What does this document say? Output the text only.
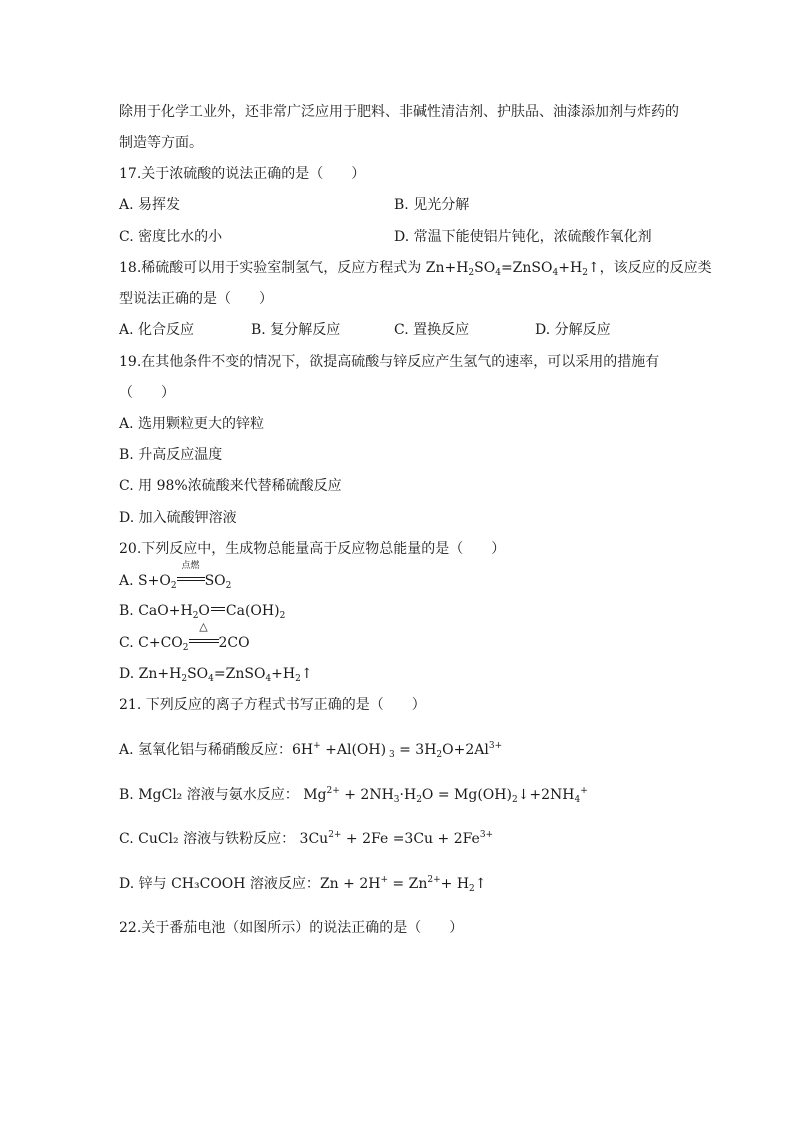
除用于化学工业外，还非常广泛应用于肥料、非碱性清洁剂、护肤品、油漆添加剂与炸药的
制造等方面。
17.关于浓硫酸的说法正确的是（　　）
A. 易挥发	B. 见光分解
C. 密度比水的小	D. 常温下能使铝片钝化，浓硫酸作氧化剂
18.稀硫酸可以用于实验室制氢气，反应方程式为 $Zn+H_2SO_4=ZnSO_4+H_2↑$，该反应的反应类
型说法正确的是（　　）
A. 化合反应	B. 复分解反应	C. 置换反应	D. 分解反应
19.在其他条件不变的情况下，欲提高硫酸与锌反应产生氢气的速率，可以采用的措施有
（　　）
A. 选用颗粒更大的锌粒
B. 升高反应温度
C. 用 98%浓硫酸来代替稀硫酸反应
D. 加入硫酸钾溶液
20.下列反应中，生成物总能量高于反应物总能量的是（　　）
A. $S+O_2$
点燃
$SO_2$
B. $CaO+H_2O$ $Ca(OH)_2$
C. $C+CO_2$
△
2CO
D. $Zn+H_2SO_4=ZnSO_4+H_2↑$
21. 下列反应的离子方程式书写正确的是（　　）
A. 氢氧化铝与稀硝酸反应：6H+ +Al(OH) $_3 = 3H_2O+2Al^{3+}$
B. MgCl₂ 溶液与氨水反应： $Mg^{2+} + 2NH_3\cdot H_2O$ = $Mg(OH)_2↓+2NH_4^+$
C. CuCl₂ 溶液与铁粉反应： $3Cu^{2+} + 2Fe =3Cu + 2Fe^{3+}$
D. 锌与 CH₃COOH 溶液反应：$Zn + 2H^+ = Zn^{2+}+$ $H_2↑$
22.关于番茄电池（如图所示）的说法正确的是（　　）
